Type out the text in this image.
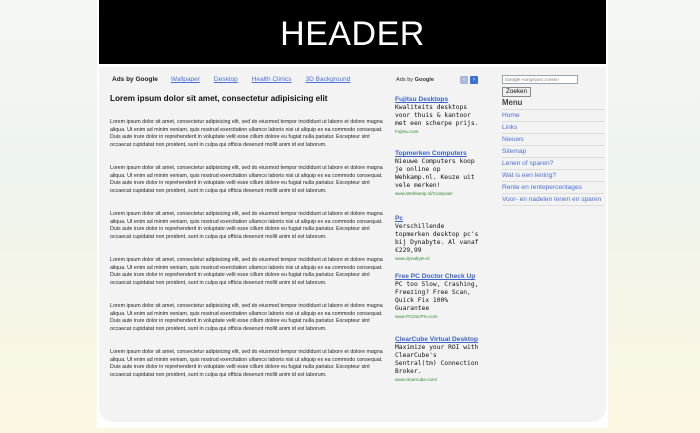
HEADER
Ads by Google Wallpaper Desktop Health Clinics 3D Background	Ads by Google	‹	›
Lorem ipsum dolor sit amet, consectetur adipisicing elit

Lorem ipsum dolor sit amet, consectetur adipisicing elit, sed do eiusmod tempor incididunt ut labore et dolore magna aliqua. Ut enim ad minim veniam, quis nostrud exercitation ullamco laboris nisi ut aliquip ex ea commodo consequat. Duis aute irure dolor in reprehenderit in voluptate velit esse cillum dolore eu fugiat nulla pariatur. Excepteur sint occaecat cupidatat non proident, sunt in culpa qui officia deserunt mollit anim id est laborum.

Lorem ipsum dolor sit amet, consectetur adipisicing elit, sed do eiusmod tempor incididunt ut labore et dolore magna aliqua. Ut enim ad minim veniam, quis nostrud exercitation ullamco laboris nisi ut aliquip ex ea commodo consequat. Duis aute irure dolor in reprehenderit in voluptate velit esse cillum dolore eu fugiat nulla pariatur. Excepteur sint occaecat cupidatat non proident, sunt in culpa qui officia deserunt mollit anim id est laborum.

Lorem ipsum dolor sit amet, consectetur adipisicing elit, sed do eiusmod tempor incididunt ut labore et dolore magna aliqua. Ut enim ad minim veniam, quis nostrud exercitation ullamco laboris nisi ut aliquip ex ea commodo consequat. Duis aute irure dolor in reprehenderit in voluptate velit esse cillum dolore eu fugiat nulla pariatur. Excepteur sint occaecat cupidatat non proident, sunt in culpa qui officia deserunt mollit anim id est laborum.

Lorem ipsum dolor sit amet, consectetur adipisicing elit, sed do eiusmod tempor incididunt ut labore et dolore magna aliqua. Ut enim ad minim veniam, quis nostrud exercitation ullamco laboris nisi ut aliquip ex ea commodo consequat. Duis aute irure dolor in reprehenderit in voluptate velit esse cillum dolore eu fugiat nulla pariatur. Excepteur sint occaecat cupidatat non proident, sunt in culpa qui officia deserunt mollit anim id est laborum.

Lorem ipsum dolor sit amet, consectetur adipisicing elit, sed do eiusmod tempor incididunt ut labore et dolore magna aliqua. Ut enim ad minim veniam, quis nostrud exercitation ullamco laboris nisi ut aliquip ex ea commodo consequat. Duis aute irure dolor in reprehenderit in voluptate velit esse cillum dolore eu fugiat nulla pariatur. Excepteur sint occaecat cupidatat non proident, sunt in culpa qui officia deserunt mollit anim id est laborum.

Lorem ipsum dolor sit amet, consectetur adipisicing elit, sed do eiusmod tempor incididunt ut labore et dolore magna aliqua. Ut enim ad minim veniam, quis nostrud exercitation ullamco laboris nisi ut aliquip ex ea commodo consequat. Duis aute irure dolor in reprehenderit in voluptate velit esse cillum dolore eu fugiat nulla pariatur. Excepteur sint occaecat cupidatat non proident, sunt in culpa qui officia deserunt mollit anim id est laborum.

Fujitsu Desktops
Kwaliteits desktops voor thuis & kantoor met een scherpe prijs.
Fujitsu.com
Topmerken Computers
Nieuwe Computers koop je online op Wehkamp.nl. Keuze uit vele merken!
www.Wehkamp.nl/Computer
Pc
Verschillende topmerken desktop pc's bij Dynabyte. Al vanaf €229,99
www.dynabyte.nl
Free PC Doctor Check Up
PC too Slow, Crashing, Freezing? Free Scan, Quick Fix 100% Guarantee
www.PCDocPro.com
ClearCube Virtual Desktop
Maximize your ROI with ClearCube's Sentral(tm) Connection Broker.
www.clearcube.com/
Google Aangepast zoeken
Zoeken
Menu
Home
Links
Nieuws
Sitemap
Lenen of sparen?
Wat is een lening?
Rente en rentepercentages
Voor- en nadelen lenen en sparen
